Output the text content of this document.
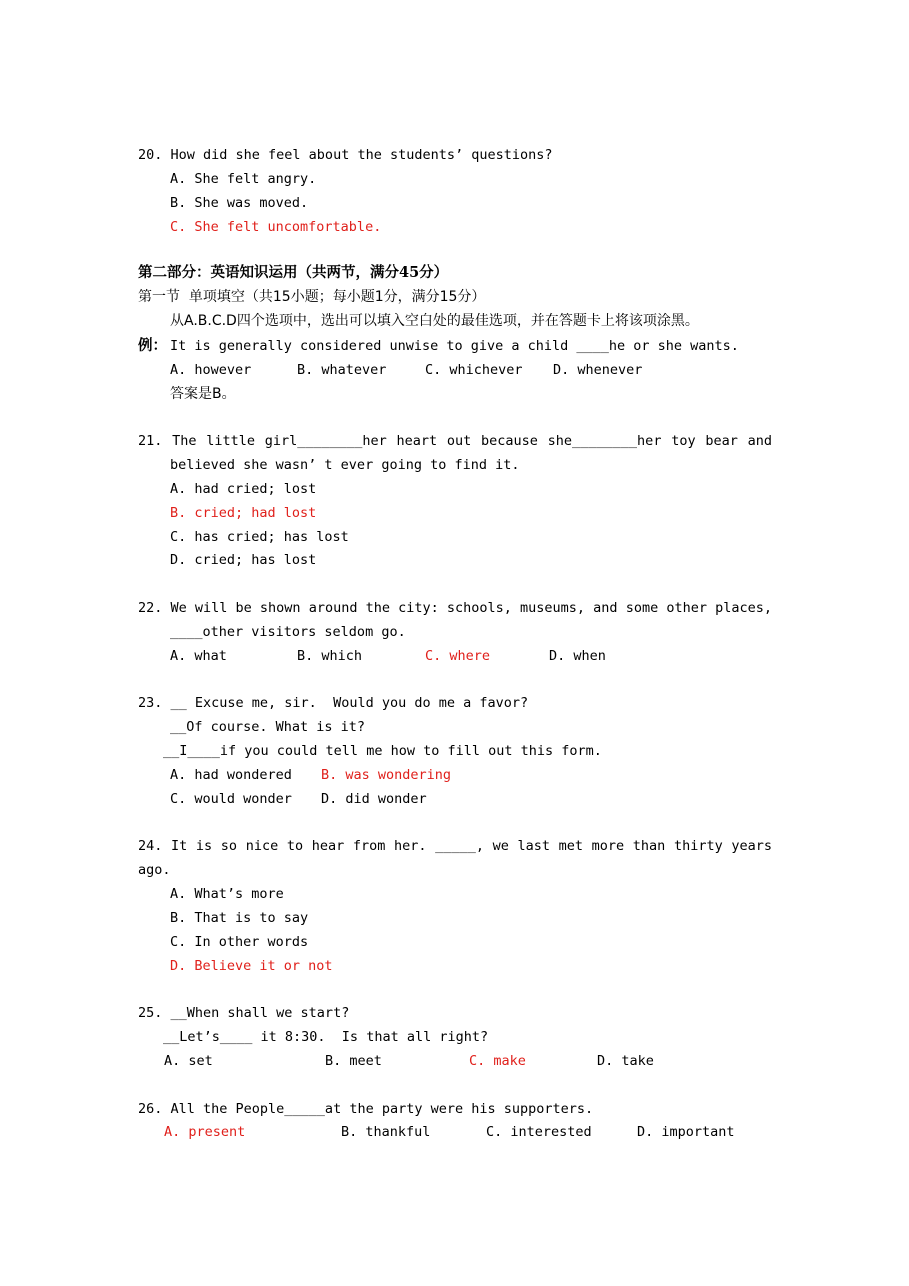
20. How did she feel about the students’ questions?
A. She felt angry.
B. She was moved.
C. She felt uncomfortable.
第二部分：英语知识运用（共两节，满分45分）
第一节  单项填空（共15小题；每小题1分，满分15分）
从A.B.C.D四个选项中，选出可以填入空白处的最佳选项，并在答题卡上将该项涂黑。
例： It is generally considered unwise to give a child ____he or she wants.
A. however	B. whatever	C. whichever D. whenever
答案是B。
21. The little girl________her heart out because she________her toy bear and
believed she wasn’ t ever going to find it.
A. had cried; lost
B. cried; had lost
C. has cried; has lost
D. cried; has lost
22. We will be shown around the city: schools, museums, and some other places,
____other visitors seldom go.
A. what	B. which	C. where	D. when
23. __ Excuse me, sir.  Would you do me a favor?
__Of course. What is it?
__I____if you could tell me how to fill out this form.
A. had wondered B. was wondering
C. would wonder D. did wonder
24. It is so nice to hear from her. _____, we last met more than thirty years
ago.
A. What’s more
B. That is to say
C. In other words
D. Believe it or not
25. __When shall we start?
__Let’s____ it 8:30.  Is that all right?
A. set	B. meet	C. make	D. take
26. All the People_____at the party were his supporters.
A. present	B. thankful	C. interested	D. important
